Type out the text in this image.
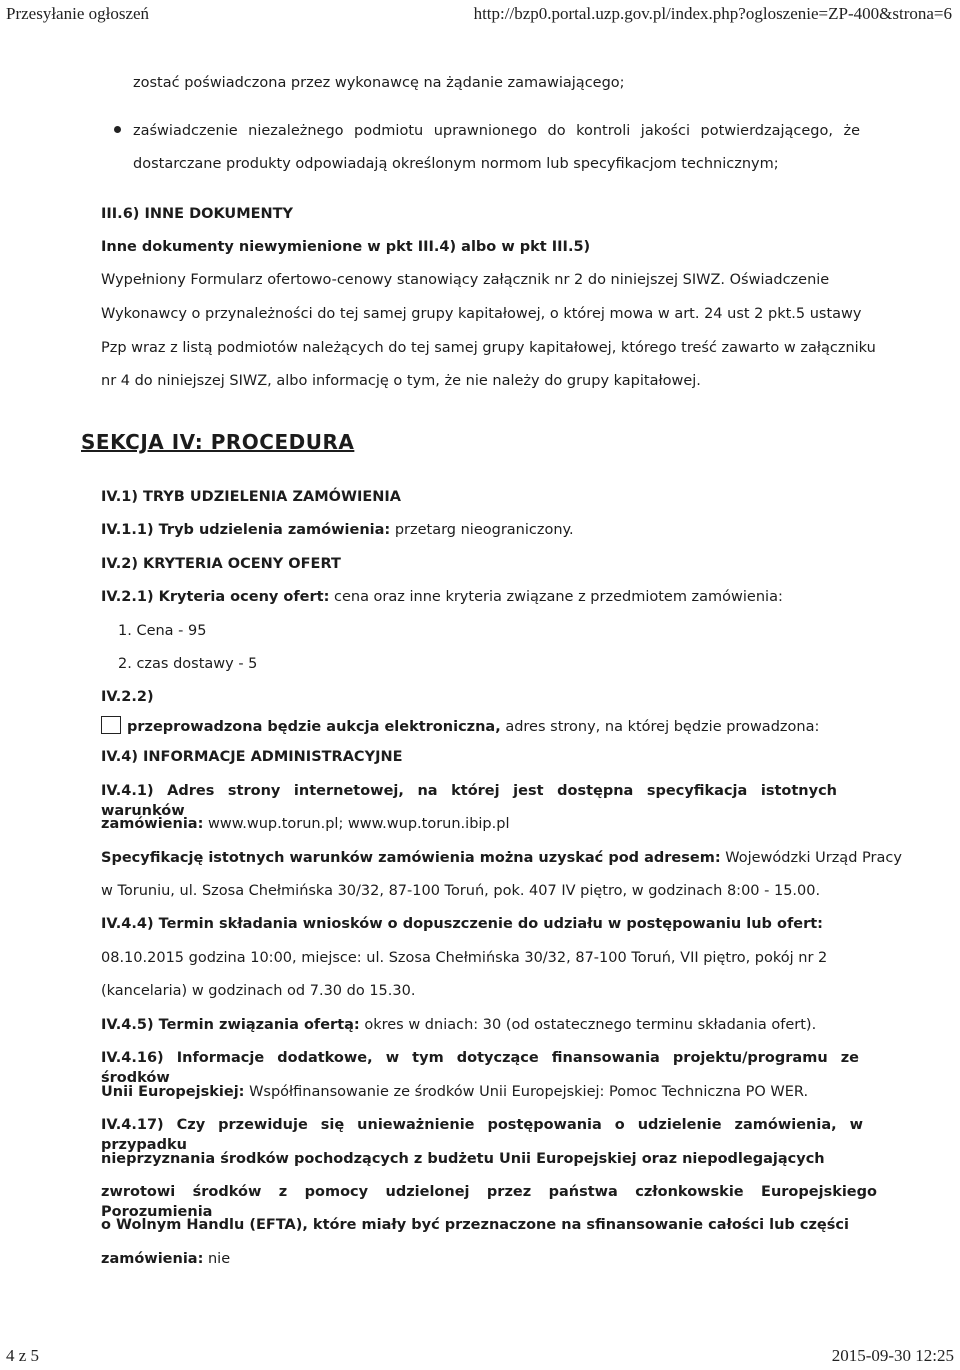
Przesyłanie ogłoszeń	http://bzp0.portal.uzp.gov.pl/index.php?ogloszenie=ZP-400&strona=6
zostać poświadczona przez wykonawcę na żądanie zamawiającego;
zaświadczenie niezależnego podmiotu uprawnionego do kontroli jakości potwierdzającego, że
dostarczane produkty odpowiadają określonym normom lub specyfikacjom technicznym;
III.6) INNE DOKUMENTY
Inne dokumenty niewymienione w pkt III.4) albo w pkt III.5)
Wypełniony Formularz ofertowo-cenowy stanowiący załącznik nr 2 do niniejszej SIWZ. Oświadczenie
Wykonawcy o przynależności do tej samej grupy kapitałowej, o której mowa w art. 24 ust 2 pkt.5 ustawy
Pzp wraz z listą podmiotów należących do tej samej grupy kapitałowej, którego treść zawarto w załączniku
nr 4 do niniejszej SIWZ, albo informację o tym, że nie należy do grupy kapitałowej.
SEKCJA IV: PROCEDURA
IV.1) TRYB UDZIELENIA ZAMÓWIENIA
IV.1.1) Tryb udzielenia zamówienia: przetarg nieograniczony.
IV.2) KRYTERIA OCENY OFERT
IV.2.1) Kryteria oceny ofert: cena oraz inne kryteria związane z przedmiotem zamówienia:
1. Cena - 95
2. czas dostawy - 5
IV.2.2)
przeprowadzona będzie aukcja elektroniczna, adres strony, na której będzie prowadzona:
IV.4) INFORMACJE ADMINISTRACYJNE
IV.4.1) Adres strony internetowej, na której jest dostępna specyfikacja istotnych warunków
zamówienia: www.wup.torun.pl; www.wup.torun.ibip.pl
Specyfikację istotnych warunków zamówienia można uzyskać pod adresem: Wojewódzki Urząd Pracy
w Toruniu, ul. Szosa Chełmińska 30/32, 87-100 Toruń, pok. 407 IV piętro, w godzinach 8:00 - 15.00.
IV.4.4) Termin składania wniosków o dopuszczenie do udziału w postępowaniu lub ofert:
08.10.2015 godzina 10:00, miejsce: ul. Szosa Chełmińska 30/32, 87-100 Toruń, VII piętro, pokój nr 2
(kancelaria) w godzinach od 7.30 do 15.30.
IV.4.5) Termin związania ofertą: okres w dniach: 30 (od ostatecznego terminu składania ofert).
IV.4.16) Informacje dodatkowe, w tym dotyczące finansowania projektu/programu ze środków
Unii Europejskiej: Współfinansowanie ze środków Unii Europejskiej: Pomoc Techniczna PO WER.
IV.4.17) Czy przewiduje się unieważnienie postępowania o udzielenie zamówienia, w przypadku
nieprzyznania środków pochodzących z budżetu Unii Europejskiej oraz niepodlegających
zwrotowi środków z pomocy udzielonej przez państwa członkowskie Europejskiego Porozumienia
o Wolnym Handlu (EFTA), które miały być przeznaczone na sfinansowanie całości lub części
zamówienia: nie
4 z 5	2015-09-30 12:25
